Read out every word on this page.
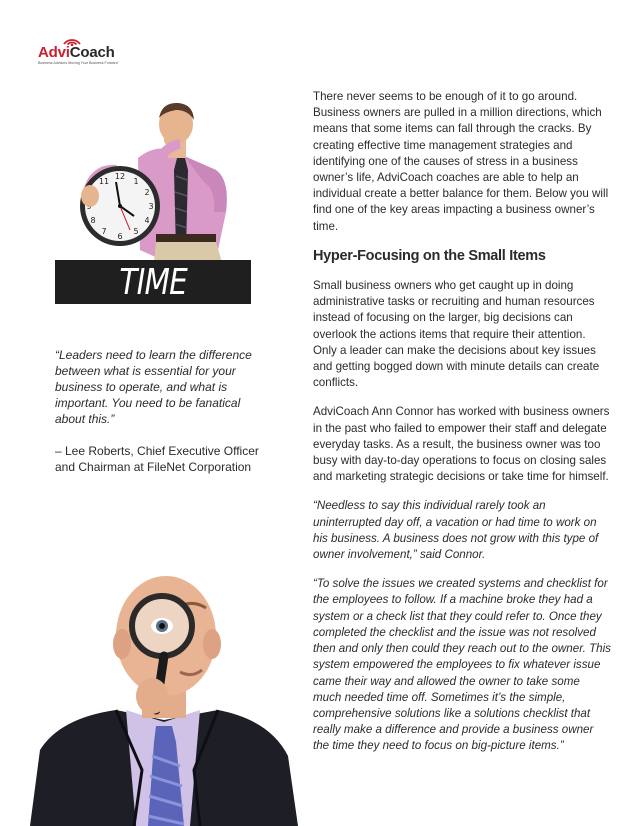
AdviCoach
Business Advisors Moving Your Business Forward
12
1
2
3
4
5
6
7
8
11
TIME

“Leaders need to learn the difference between what is essential for your business to operate, and what is important. You need to be fanatical about this.”

– Lee Roberts, Chief Executive Officer and Chairman at FileNet Corporation

There never seems to be enough of it to go around. Business owners are pulled in a million directions, which means that some items can fall through the cracks. By creating effective time management strategies and identifying one of the causes of stress in a business owner’s life, AdviCoach coaches are able to help an individual create a better balance for them. Below you will find one of the key areas impacting a business owner’s time.

Hyper-Focusing on the Small Items

Small business owners who get caught up in doing administrative tasks or recruiting and human resources instead of focusing on the larger, big decisions can overlook the actions items that require their attention. Only a leader can make the decisions about key issues and getting bogged down with minute details can create conflicts.

AdviCoach Ann Connor has worked with business owners in the past who failed to empower their staff and delegate everyday tasks. As a result, the business owner was too busy with day-to-day operations to focus on closing sales and marketing strategic decisions or take time for himself.

“Needless to say this individual rarely took an uninterrupted day off, a vacation or had time to work on his business. A business does not grow with this type of owner involvement,” said Connor.

“To solve the issues we created systems and checklist for the employees to follow. If a machine broke they had a system or a check list that they could refer to. Once they completed the checklist and the issue was not resolved then and only then could they reach out to the owner. This system empowered the employees to fix whatever issue came their way and allowed the owner to take some much needed time off. Sometimes it’s the simple, comprehensive solutions like a solutions checklist that really make a difference and provide a business owner the time they need to focus on big-picture items.”
